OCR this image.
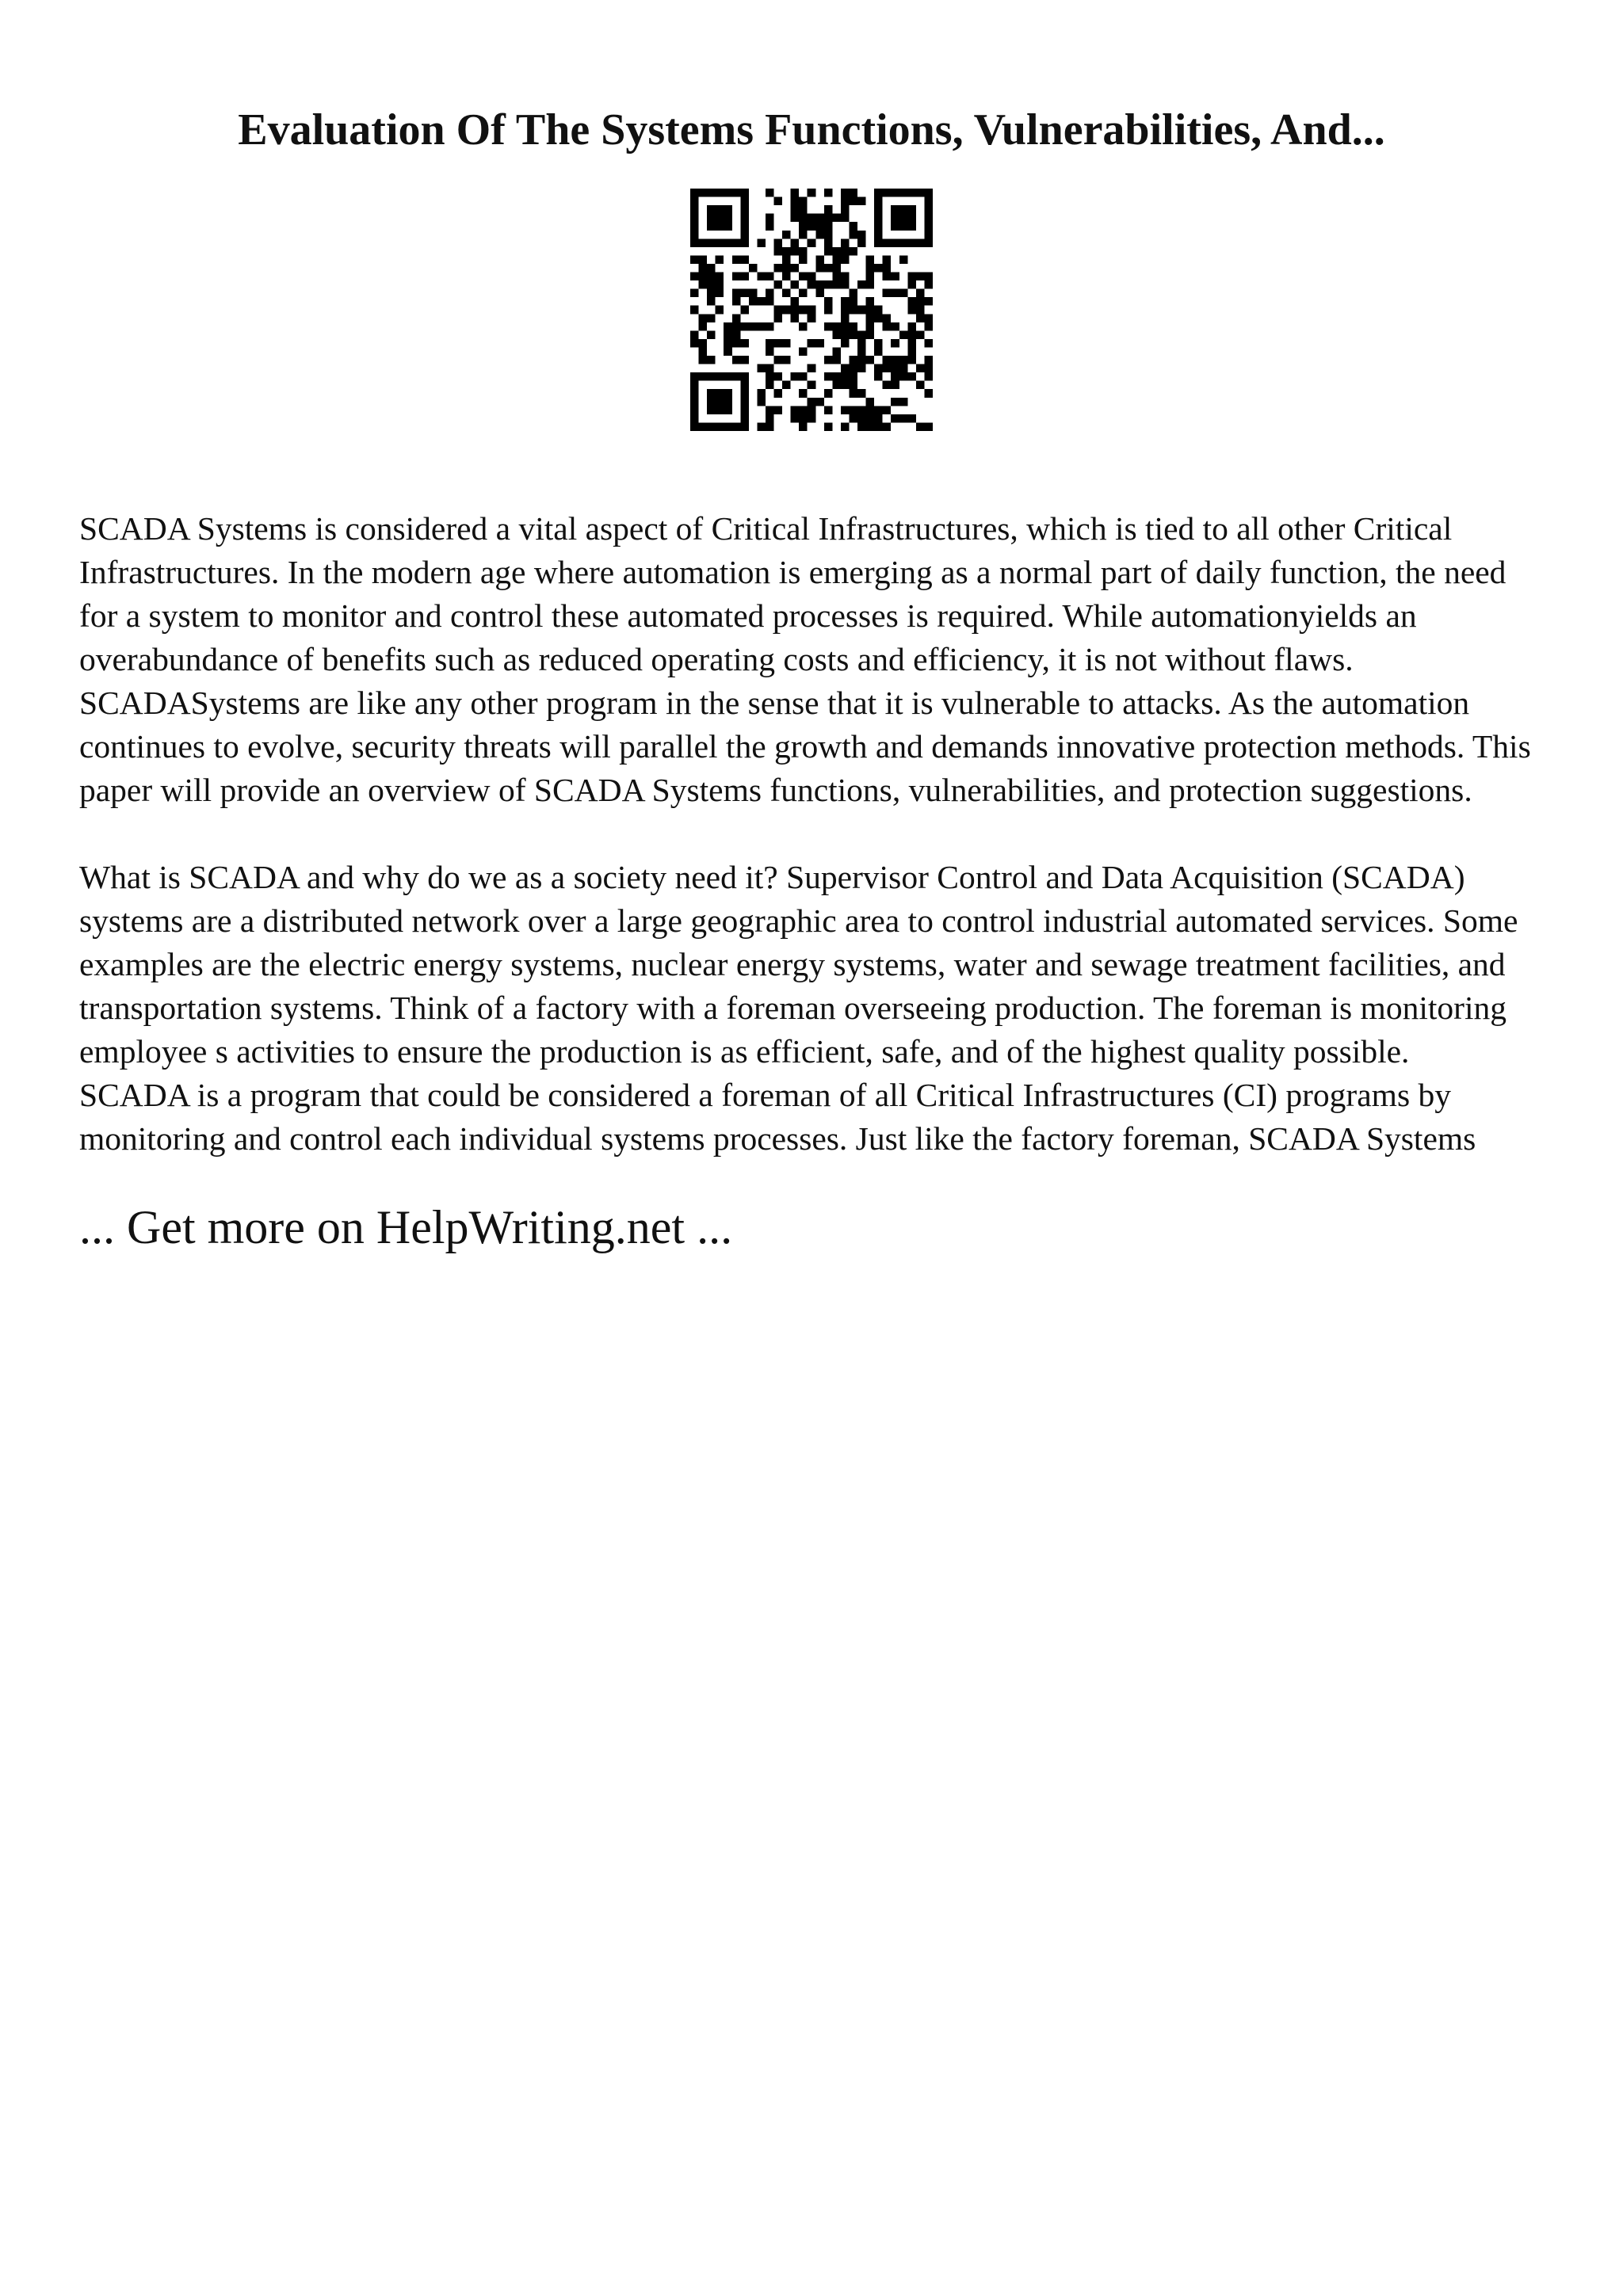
Evaluation Of The Systems Functions, Vulnerabilities, And...

SCADA Systems is considered a vital aspect of Critical Infrastructures, which is tied to all other Critical Infrastructures. In the modern age where automation is emerging as a normal part of daily function, the need for a system to monitor and control these automated processes is required. While automationyields an overabundance of benefits such as reduced operating costs and efficiency, it is not without flaws. SCADASystems are like any other program in the sense that it is vulnerable to attacks. As the automation continues to evolve, security threats will parallel the growth and demands innovative protection methods. This paper will provide an overview of SCADA Systems functions, vulnerabilities, and protection suggestions.

What is SCADA and why do we as a society need it? Supervisor Control and Data Acquisition (SCADA) systems are a distributed network over a large geographic area to control industrial automated services. Some examples are the electric energy systems, nuclear energy systems, water and sewage treatment facilities, and transportation systems. Think of a factory with a foreman overseeing production. The foreman is monitoring employee s activities to ensure the production is as efficient, safe, and of the highest quality possible.

SCADA is a program that could be considered a foreman of all Critical Infrastructures (CI) programs by monitoring and control each individual systems processes. Just like the factory foreman, SCADA Systems

... Get more on HelpWriting.net ...
